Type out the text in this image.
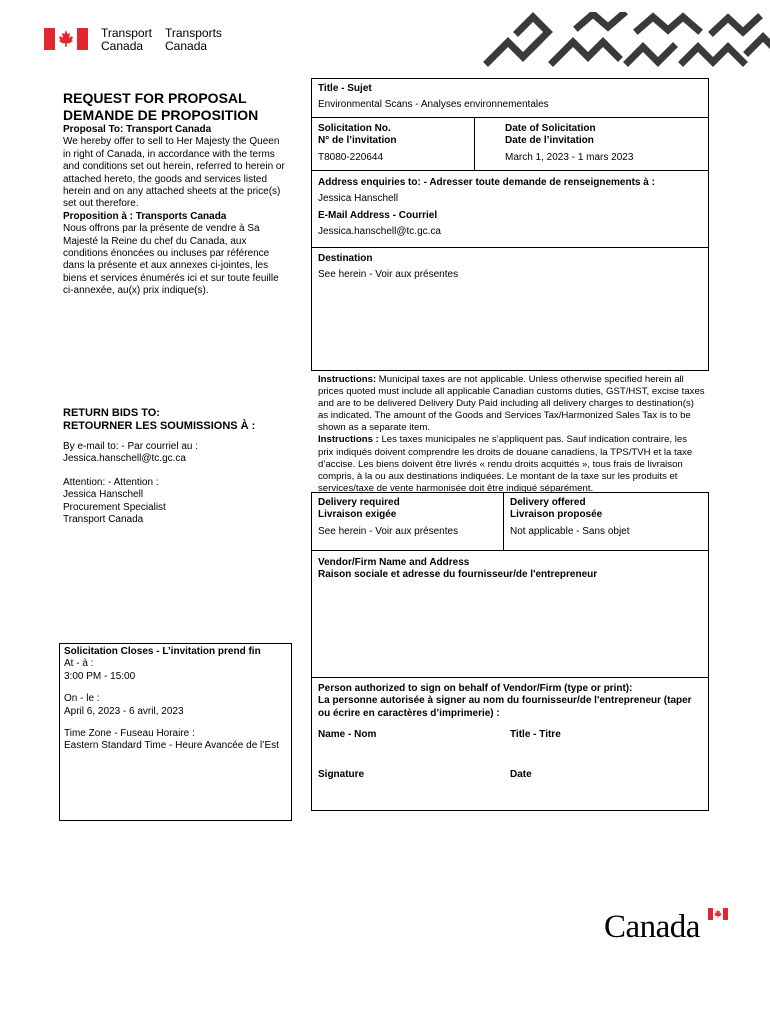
Transport
Canada
Transports
Canada
REQUEST FOR PROPOSAL
DEMANDE DE PROPOSITION
Proposal To: Transport Canada
We hereby offer to sell to Her Majesty the Queen in right of Canada, in accordance with the terms and conditions set out herein, referred to herein or attached hereto, the goods and services listed herein and on any attached sheets at the price(s) set out therefore.
Proposition à : Transports Canada
Nous offrons par la présente de vendre à Sa Majesté la Reine du chef du Canada, aux conditions énoncées ou incluses par référence dans la présente et aux annexes ci-jointes, les biens et services énumérés ici et sur toute feuille ci-annexée, au(x) prix indique(s).
RETURN BIDS TO:
RETOURNER LES SOUMISSIONS À :
By e-mail to: - Par courriel au :
Jessica.hanschell@tc.gc.ca
Attention: - Attention :
Jessica Hanschell
Procurement Specialist
Transport Canada
Solicitation Closes - L’invitation prend fin
At - à :
3:00 PM - 15:00
On - le :
April 6, 2023 - 6 avril, 2023
Time Zone - Fuseau Horaire :
Eastern Standard Time - Heure Avancée de l’Est
Title - Sujet
Environmental Scans - Analyses environnementales
Solicitation No.
N° de l’invitation
T8080-220644
Date of Solicitation
Date de l’invitation
March 1, 2023 - 1 mars 2023
Address enquiries to: - Adresser toute demande de renseignements à :
Jessica Hanschell
E-Mail Address - Courriel
Jessica.hanschell@tc.gc.ca
Destination
See herein - Voir aux présentes
Instructions: Municipal taxes are not applicable. Unless otherwise specified herein all prices quoted must include all applicable Canadian customs duties, GST/HST, excise taxes and are to be delivered Delivery Duty Paid including all delivery charges to destination(s) as indicated. The amount of the Goods and Services Tax/Harmonized Sales Tax is to be shown as a separate item.
Instructions : Les taxes municipales ne s’appliquent pas. Sauf indication contraire, les prix indiqués doivent comprendre les droits de douane canadiens, la TPS/TVH et la taxe d’accise. Les biens doivent être livrés « rendu droits acquittés », tous frais de livraison compris, à la ou aux destinations indiquées. Le montant de la taxe sur les produits et services/taxe de vente harmonisée doit être indiqué séparément.
Delivery required
Livraison exigée
See herein - Voir aux présentes
Delivery offered
Livraison proposée
Not applicable - Sans objet
Vendor/Firm Name and Address
Raison sociale et adresse du fournisseur/de l'entrepreneur
Person authorized to sign on behalf of Vendor/Firm (type or print):
La personne autorisée à signer au nom du fournisseur/de l'entrepreneur (taper ou écrire en caractères d’imprimerie) :
Name - Nom	Title - Titre
Signature	Date
Canada
